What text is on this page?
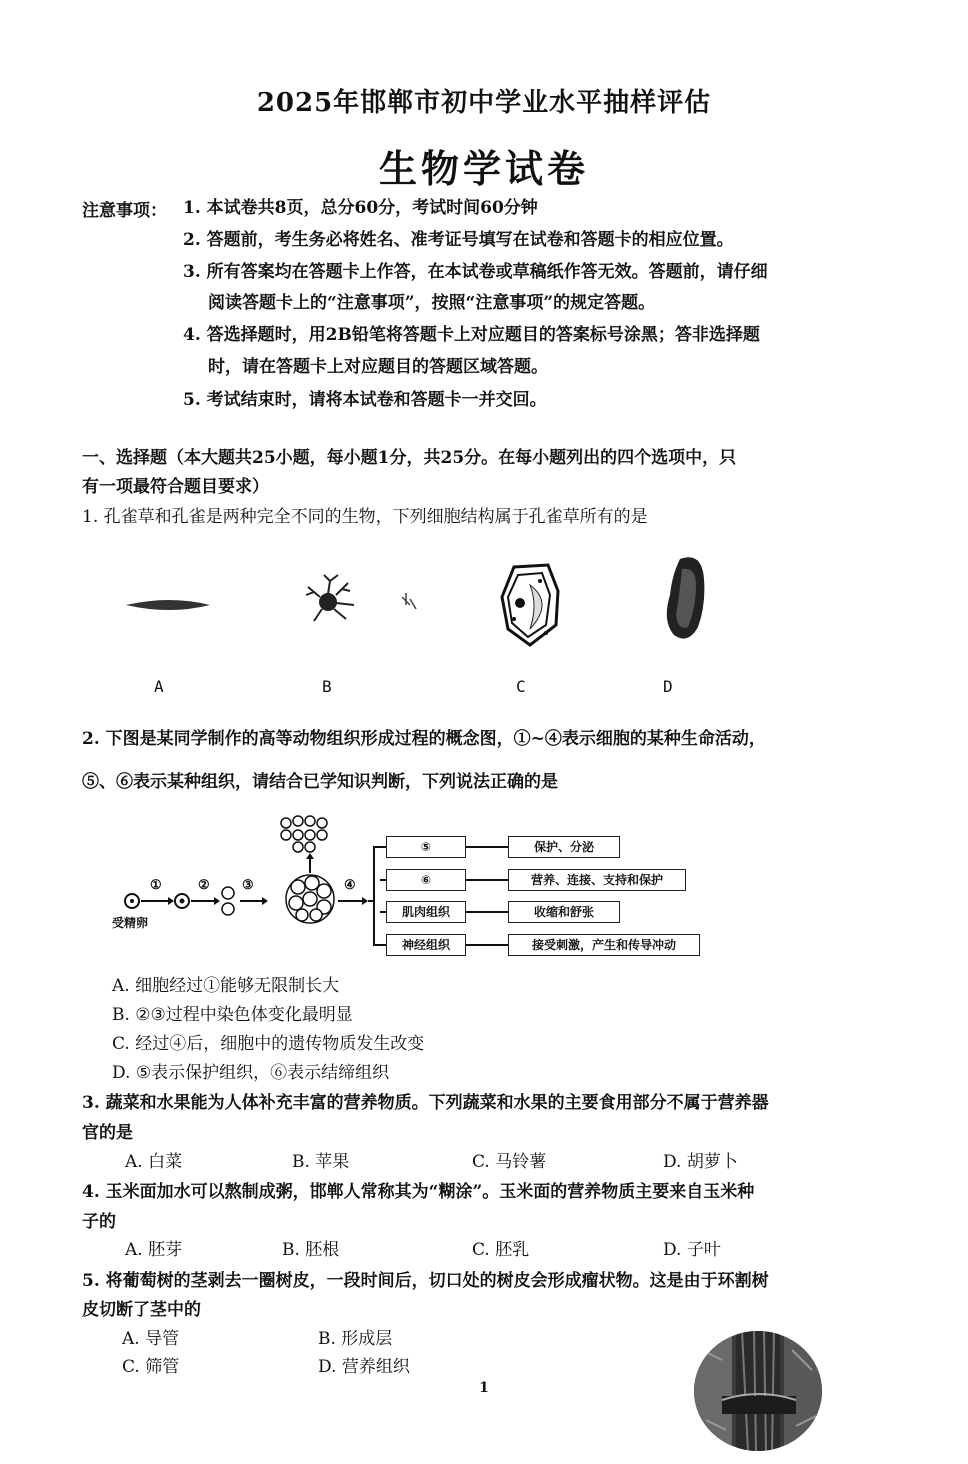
2025年邯郸市初中学业水平抽样评估
生物学试卷
注意事项： 1. 本试卷共8页，总分60分，考试时间60分钟
2. 答题前，考生务必将姓名、准考证号填写在试卷和答题卡的相应位置。
3. 所有答案均在答题卡上作答，在本试卷或草稿纸作答无效。答题前，请仔细
阅读答题卡上的“注意事项”，按照“注意事项”的规定答题。
4. 答选择题时，用2B铅笔将答题卡上对应题目的答案标号涂黑；答非选择题
时，请在答题卡上对应题目的答题区域答题。
5. 考试结束时，请将本试卷和答题卡一并交回。
一、选择题（本大题共25小题，每小题1分，共25分。在每小题列出的四个选项中，只
有一项最符合题目要求）
1. 孔雀草和孔雀是两种完全不同的生物，下列细胞结构属于孔雀草所有的是
A	B	C	D
2. 下图是某同学制作的高等动物组织形成过程的概念图，①~④表示细胞的某种生命活动，
⑤、⑥表示某种组织，请结合已学知识判断，下列说法正确的是
①	② ③	④
受精卵
⑤
⑥
肌肉组织
神经组织
保护、分泌
营养、连接、支持和保护
收缩和舒张
接受刺激，产生和传导冲动
A. 细胞经过①能够无限制长大
B. ②③过程中染色体变化最明显
C. 经过④后，细胞中的遗传物质发生改变
D. ⑤表示保护组织，⑥表示结缔组织
3. 蔬菜和水果能为人体补充丰富的营养物质。下列蔬菜和水果的主要食用部分不属于营养器
官的是
A. 白菜	B. 苹果	C. 马铃薯	D. 胡萝卜
4. 玉米面加水可以熬制成粥，邯郸人常称其为“糊涂”。玉米面的营养物质主要来自玉米种
子的
A. 胚芽	B. 胚根	C. 胚乳	D. 子叶
5. 将葡萄树的茎剥去一圈树皮，一段时间后，切口处的树皮会形成瘤状物。这是由于环割树
皮切断了茎中的
A. 导管	B. 形成层
C. 筛管	D. 营养组织
1
